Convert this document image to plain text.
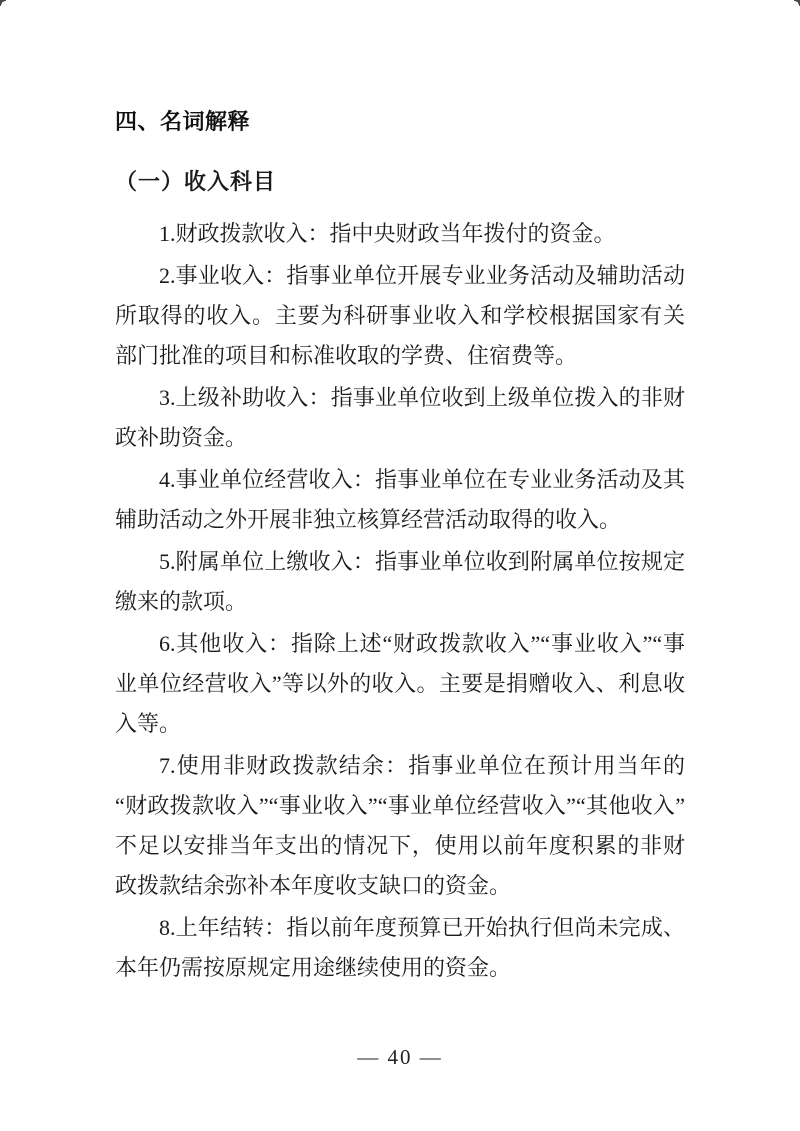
四、名词解释
（一）收入科目

1.财政拨款收入：指中央财政当年拨付的资金。

2.事业收入：指事业单位开展专业业务活动及辅助活动所取得的收入。主要为科研事业收入和学校根据国家有关部门批准的项目和标准收取的学费、住宿费等。

3.上级补助收入：指事业单位收到上级单位拨入的非财政补助资金。

4.事业单位经营收入：指事业单位在专业业务活动及其辅助活动之外开展非独立核算经营活动取得的收入。

5.附属单位上缴收入：指事业单位收到附属单位按规定缴来的款项。

6.其他收入：指除上述“财政拨款收入”“事业收入”“事业单位经营收入”等以外的收入。主要是捐赠收入、利息收入等。

7.使用非财政拨款结余：指事业单位在预计用当年的“财政拨款收入”“事业收入”“事业单位经营收入”“其他收入”不足以安排当年支出的情况下，使用以前年度积累的非财政拨款结余弥补本年度收支缺口的资金。

8.上年结转：指以前年度预算已开始执行但尚未完成、本年仍需按原规定用途继续使用的资金。

— 40 —
